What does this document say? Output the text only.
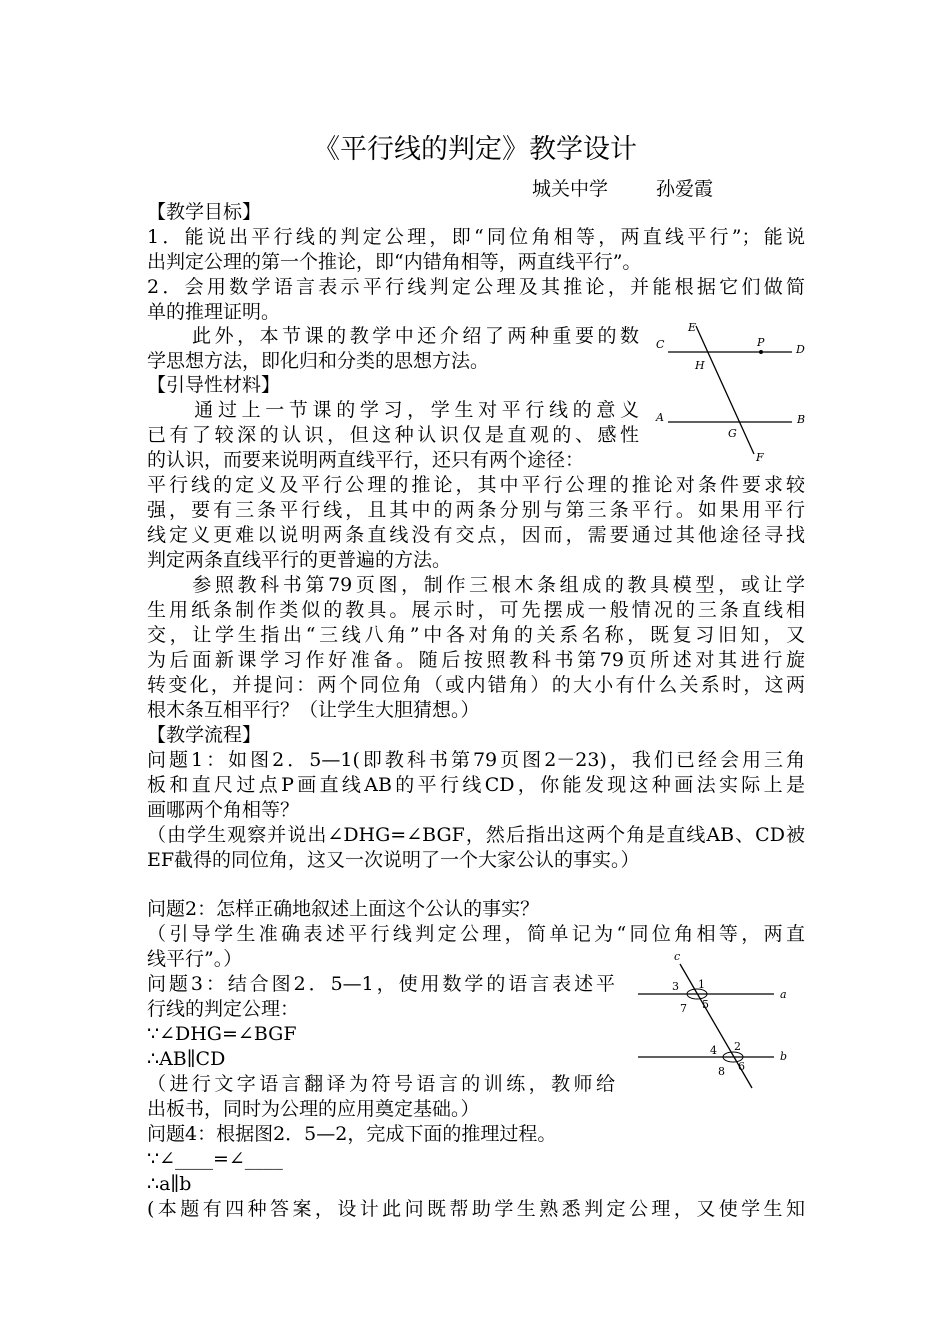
《平行线的判定》教学设计
城关中学	孙爱霞
【教学目标】
1．能说出平行线的判定公理，即“同位角相等，两直线平行”；能说
出判定公理的第一个推论，即“内错角相等，两直线平行”。
2．会用数学语言表示平行线判定公理及其推论，并能根据它们做简
单的推理证明。
　　此外，本节课的教学中还介绍了两种重要的数
学思想方法，即化归和分类的思想方法。
【引导性材料】
　　通过上一节课的学习，学生对平行线的意义
已有了较深的认识，但这种认识仅是直观的、感性
的认识，而要来说明两直线平行，还只有两个途径：
平行线的定义及平行公理的推论，其中平行公理的推论对条件要求较
强，要有三条平行线，且其中的两条分别与第三条平行。如果用平行
线定义更难以说明两条直线没有交点，因而，需要通过其他途径寻找
判定两条直线平行的更普遍的方法。
　　参照教科书第79页图，制作三根木条组成的教具模型，或让学
生用纸条制作类似的教具。展示时，可先摆成一般情况的三条直线相
交，让学生指出“三线八角”中各对角的关系名称，既复习旧知，又
为后面新课学习作好准备。随后按照教科书第79页所述对其进行旋
转变化，并提问：两个同位角（或内错角）的大小有什么关系时，这两
根木条互相平行？（让学生大胆猜想。）
【教学流程】
问题1：如图2．5—1(即教科书第79页图2－23)，我们已经会用三角
板和直尺过点P画直线AB的平行线CD，你能发现这种画法实际上是
画哪两个角相等？
（由学生观察并说出∠DHG=∠BGF，然后指出这两个角是直线AB、CD被
EF截得的同位角，这又一次说明了一个大家公认的事实。）
问题2：怎样正确地叙述上面这个公认的事实？
（引导学生准确表述平行线判定公理，简单记为“同位角相等，两直
线平行”。）
问题3：结合图2．5—1，使用数学的语言表述平
行线的判定公理：
∵∠DHG=∠BGF
∴AB∥CD
（进行文字语言翻译为符号语言的训练，教师给
出板书，同时为公理的应用奠定基础。）
问题4：根据图2．5—2，完成下面的推理过程。
∵∠____=∠____
∴a∥b
(本题有四种答案，设计此问既帮助学生熟悉判定公理，又使学生知
E
C	P
D
H
A	B
G
F
c
a
b
1
3
5
7
2
4
6
8
